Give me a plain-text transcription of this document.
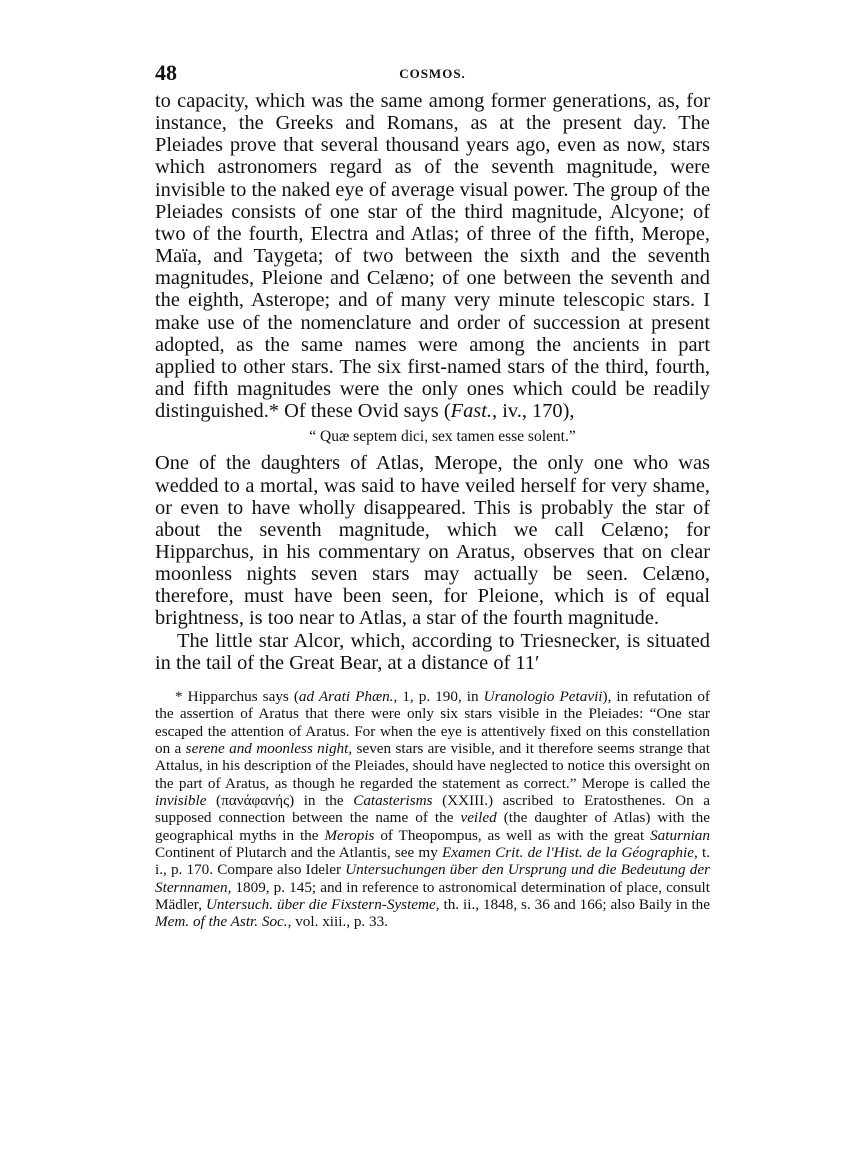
48	COSMOS.

to capacity, which was the same among former generations, as, for instance, the Greeks and Romans, as at the present day. The Pleiades prove that several thousand years ago, even as now, stars which astronomers regard as of the seventh magnitude, were invisible to the naked eye of average visual power. The group of the Pleiades consists of one star of the third magnitude, Alcyone; of two of the fourth, Electra and Atlas; of three of the fifth, Merope, Maïa, and Taygeta; of two between the sixth and the seventh magnitudes, Pleione and Celæno; of one between the seventh and the eighth, Asterope; and of many very minute telescopic stars. I make use of the nomenclature and order of succession at present adopted, as the same names were among the ancients in part applied to other stars. The six first-named stars of the third, fourth, and fifth magnitudes were the only ones which could be readily distinguished.* Of these Ovid says (Fast., iv., 170),

“ Quæ septem dici, sex tamen esse solent.”

One of the daughters of Atlas, Merope, the only one who was wedded to a mortal, was said to have veiled herself for very shame, or even to have wholly disappeared. This is probably the star of about the seventh magnitude, which we call Celæno; for Hipparchus, in his commentary on Aratus, observes that on clear moonless nights seven stars may actually be seen. Celæno, therefore, must have been seen, for Pleione, which is of equal brightness, is too near to Atlas, a star of the fourth magnitude.

The little star Alcor, which, according to Triesnecker, is situated in the tail of the Great Bear, at a distance of 11′

* Hipparchus says (ad Arati Phæn., 1, p. 190, in Uranologio Petavii), in refutation of the assertion of Aratus that there were only six stars visible in the Pleiades: “One star escaped the attention of Aratus. For when the eye is attentively fixed on this constellation on a serene and moonless night, seven stars are visible, and it therefore seems strange that Attalus, in his description of the Pleiades, should have neglected to notice this oversight on the part of Aratus, as though he regarded the statement as correct.” Merope is called the invisible (πανάφανής) in the Catasterisms (XXIII.) ascribed to Eratosthenes. On a supposed connection between the name of the veiled (the daughter of Atlas) with the geographical myths in the Meropis of Theopompus, as well as with the great Saturnian Continent of Plutarch and the Atlantis, see my Examen Crit. de l'Hist. de la Géographie, t. i., p. 170. Compare also Ideler Untersuchungen über den Ursprung und die Bedeutung der Sternnamen, 1809, p. 145; and in reference to astronomical determination of place, consult Mädler, Untersuch. über die Fixstern-Systeme, th. ii., 1848, s. 36 and 166; also Baily in the Mem. of the Astr. Soc., vol. xiii., p. 33.
